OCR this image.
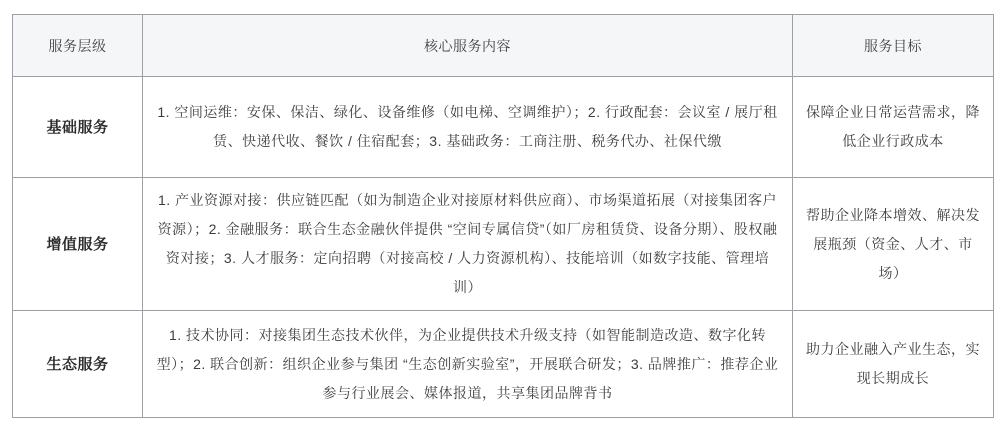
服务层级	核心服务内容	服务目标
基础服务	1. 空间运维：安保、保洁、绿化、设备维修（如电梯、空调维护）；2. 行政配套：会议室 / 展厅租赁、快递代收、餐饮 / 住宿配套；3. 基础政务：工商注册、税务代办、社保代缴	保障企业日常运营需求，降低企业行政成本
增值服务	1. 产业资源对接：供应链匹配（如为制造企业对接原材料供应商）、市场渠道拓展（对接集团客户资源）；2. 金融服务：联合生态金融伙伴提供 “空间专属信贷”（如厂房租赁贷、设备分期）、股权融资对接；3. 人才服务：定向招聘（对接高校 / 人力资源机构）、技能培训（如数字技能、管理培训）	帮助企业降本增效、解决发展瓶颈（资金、人才、市场）
生态服务	1. 技术协同：对接集团生态技术伙伴，为企业提供技术升级支持（如智能制造改造、数字化转型）；2. 联合创新：组织企业参与集团 “生态创新实验室”，开展联合研发；3. 品牌推广：推荐企业参与行业展会、媒体报道，共享集团品牌背书	助力企业融入产业生态，实现长期成长
